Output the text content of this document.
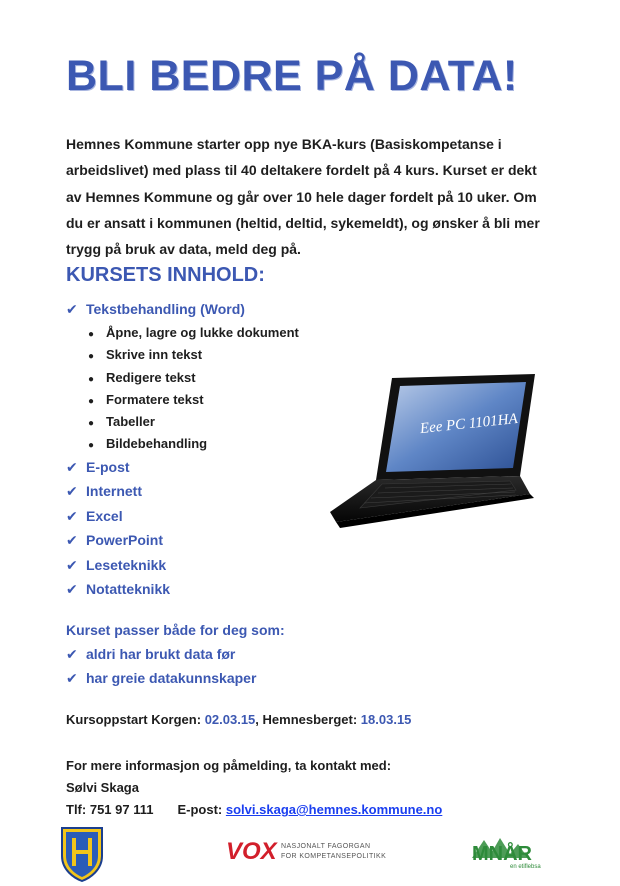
BLI BEDRE PÅ DATA!

Hemnes Kommune starter opp nye BKA-kurs (Basiskompetanse i arbeidslivet) med plass til 40 deltakere fordelt på 4 kurs. Kurset er dekt av Hemnes Kommune og går over 10 hele dager fordelt på 10 uker. Om du er ansatt i kommunen (heltid, deltid, sykemeldt), og ønsker å bli mer trygg på bruk av data, meld deg på.

KURSETS INNHOLD:
✔ Tekstbehandling (Word)
● Åpne, lagre og lukke dokument
● Skrive inn tekst
● Redigere tekst
● Formatere tekst
● Tabeller
● Bildebehandling
✔ E-post
✔ Internett
✔ Excel
✔ PowerPoint
✔ Leseteknikk
✔ Notatteknikk
Eee PC 1101HA

Kurset passer både for deg som:

✔ aldri har brukt data før
✔ har greie datakunnskaper

Kursoppstart Korgen: 02.03.15, Hemnesberget: 18.03.15

For mere informasjon og påmelding, ta kontakt med:
Sølvi Skaga
Tlf: 751 97 111 E-post: solvi.skaga@hemnes.kommune.no
VOX NASJONALT FAGORGAN
FOR KOMPETANSEPOLITIKK	MNÅR
en etiflebsa
